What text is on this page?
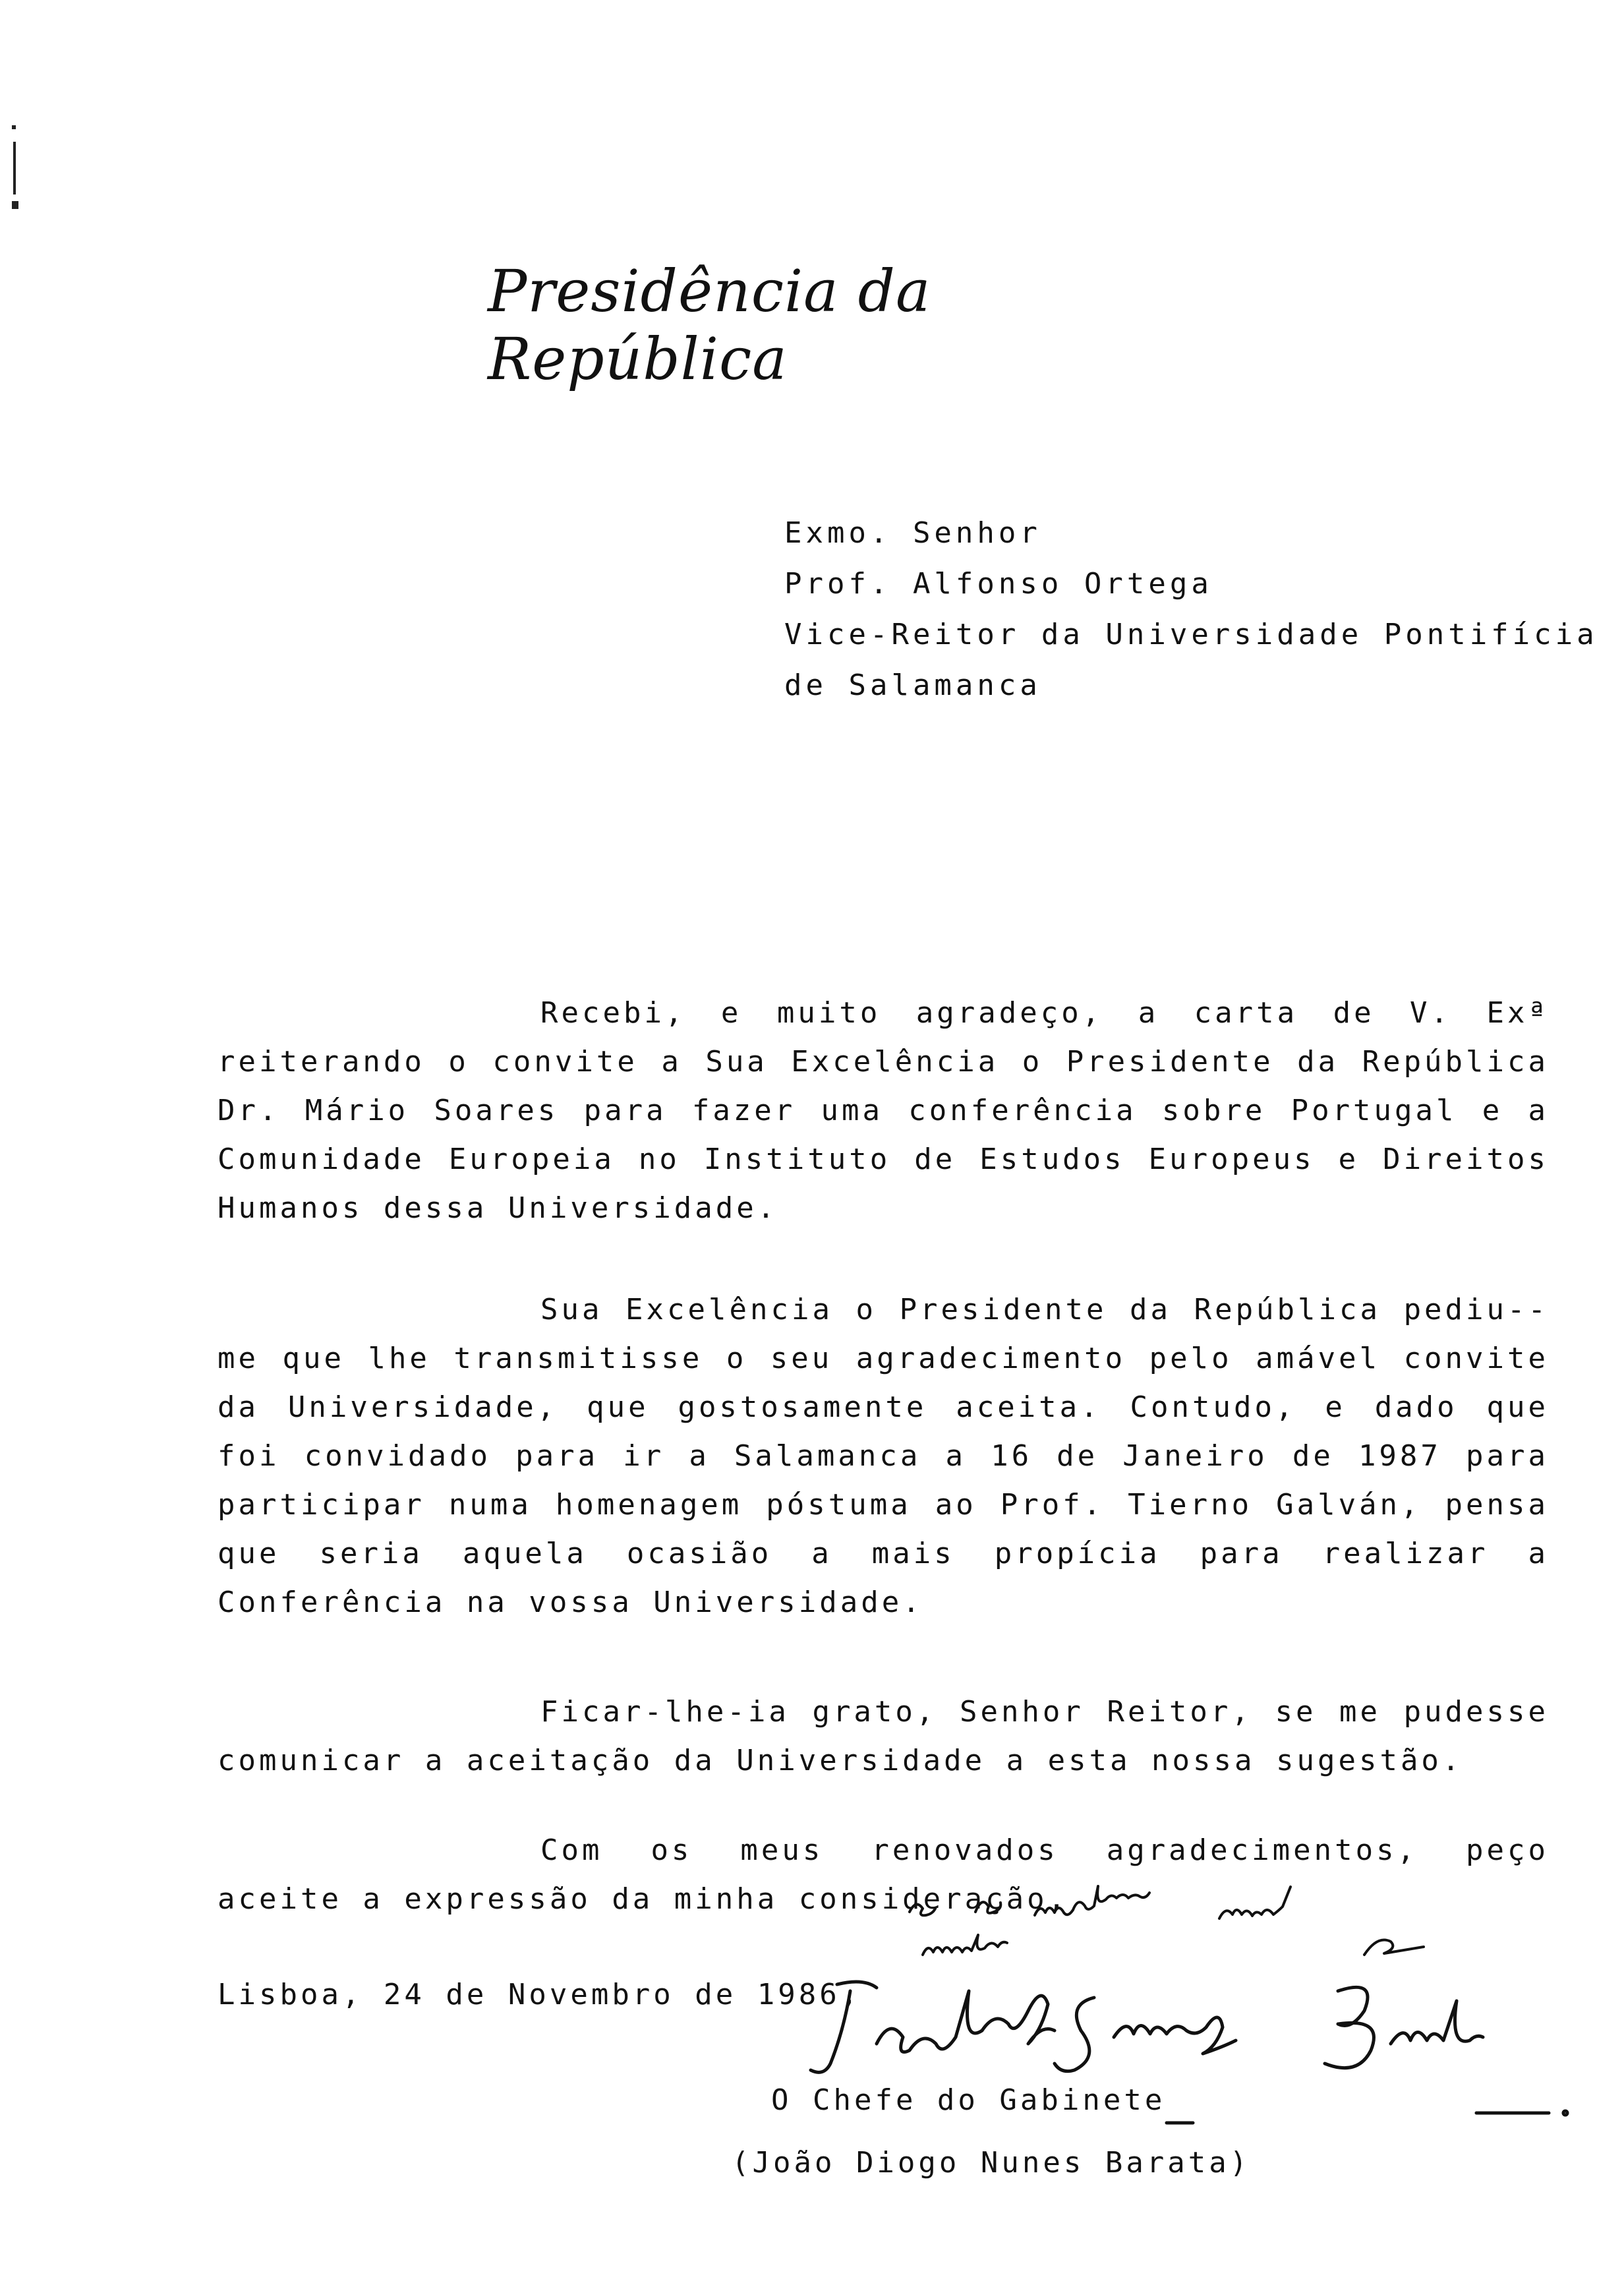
Presidência da República
Exmo. Senhor
Prof. Alfonso Ortega
Vice-Reitor da Universidade Pontifícia
de Salamanca
Recebi, e muito agradeço, a carta de V. Exª reiterando o convite a Sua Excelência o Presidente da República Dr. Mário Soares para fazer uma conferência sobre Portugal e a Comunidade Europeia no Instituto de Estudos Europeus e Direitos Humanos dessa Universidade.
Sua Excelência o Presidente da República pediu--me que lhe transmitisse o seu agradecimento pelo amável convite da Universidade, que gostosamente aceita. Contudo, e dado que foi convidado para ir a Salamanca a 16 de Janeiro de 1987 para participar numa homenagem póstuma ao Prof. Tierno Galván, pensa que seria aquela ocasião a mais propícia para realizar a Conferência na vossa Universidade.
Ficar-lhe-ia grato, Senhor Reitor, se me pudesse comunicar a aceitação da Universidade a esta nossa sugestão.
Com os meus renovados agradecimentos, peço aceite a expressão da minha consideração,
Lisboa, 24 de Novembro de 1986,
O Chefe do Gabinete
(João Diogo Nunes Barata)
